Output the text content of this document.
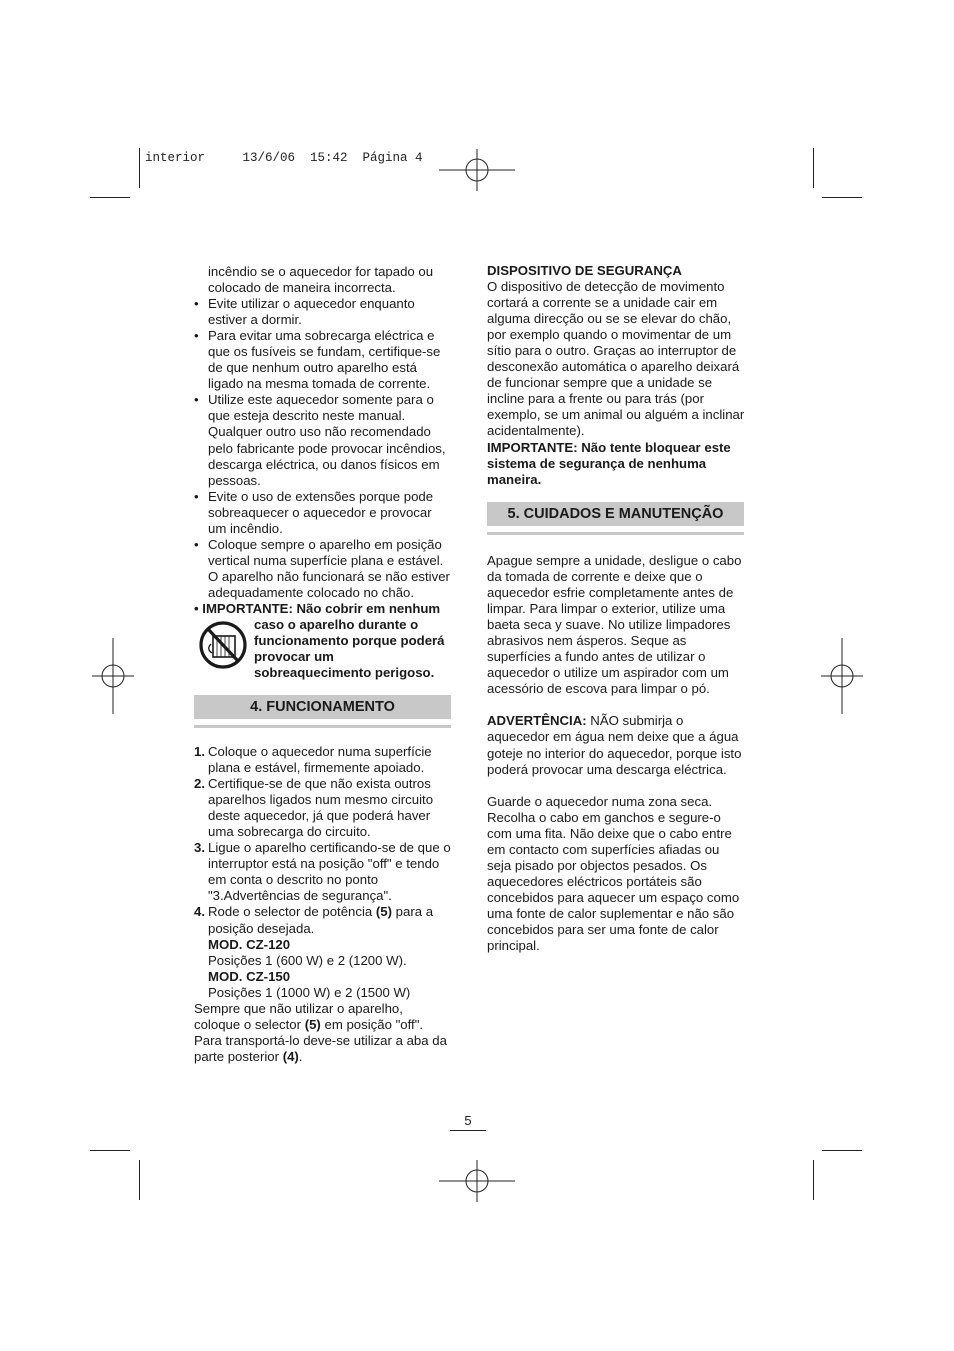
interior     13/6/06  15:42  Página 4

incêndio se o aquecedor for tapado ou

colocado de maneira incorrecta.

• Evite utilizar o aquecedor enquanto

estiver a dormir.

• Para evitar uma sobrecarga eléctrica e

que os fusíveis se fundam, certifique-se

de que nenhum outro aparelho está

ligado na mesma tomada de corrente.

• Utilize este aquecedor somente para o

que esteja descrito neste manual.

Qualquer outro uso não recomendado

pelo fabricante pode provocar incêndios,

descarga eléctrica, ou danos físicos em

pessoas.

• Evite o uso de extensões porque pode

sobreaquecer o aquecedor e provocar

um incêndio.

• Coloque sempre o aparelho em posição

vertical numa superfície plana e estável.

O aparelho não funcionará se não estiver

adequadamente colocado no chão.

• IMPORTANTE: Não cobrir em nenhum

caso o aparelho durante o

funcionamento porque poderá

provocar um

sobreaquecimento perigoso.

4. FUNCIONAMENTO
1. Coloque o aquecedor numa superfície

plana e estável, firmemente apoiado.

2. Certifique-se de que não exista outros

aparelhos ligados num mesmo circuito

deste aquecedor, já que poderá haver

uma sobrecarga do circuito.

3. Ligue o aparelho certificando-se de que o

interruptor está na posição "off" e tendo

em conta o descrito no ponto

"3.Advertências de segurança".

4. Rode o selector de potência (5) para a

posição desejada.

MOD. CZ-120

Posições 1 (600 W) e 2 (1200 W).

MOD. CZ-150

Posições 1 (1000 W) e 2 (1500 W)

Sempre que não utilizar o aparelho,

coloque o selector (5) em posição "off".

Para transportá-lo deve-se utilizar a aba da

parte posterior (4).

DISPOSITIVO DE SEGURANÇA

O dispositivo de detecção de movimento

cortará a corrente se a unidade cair em

alguma direcção ou se se elevar do chão,

por exemplo quando o movimentar de um

sítio para o outro. Graças ao interruptor de

desconexão automática o aparelho deixará

de funcionar sempre que a unidade se

incline para a frente ou para trás (por

exemplo, se um animal ou alguém a inclinar

acidentalmente).

IMPORTANTE: Não tente bloquear este

sistema de segurança de nenhuma

maneira.

5. CUIDADOS E MANUTENÇÃO

Apague sempre a unidade, desligue o cabo

da tomada de corrente e deixe que o

aquecedor esfrie completamente antes de

limpar. Para limpar o exterior, utilize uma

baeta seca y suave. No utilize limpadores

abrasivos nem ásperos. Seque as

superfícies a fundo antes de utilizar o

aquecedor o utilize um aspirador com um

acessório de escova para limpar o pó.

ADVERTÊNCIA: NÃO submirja o

aquecedor em água nem deixe que a água

goteje no interior do aquecedor, porque isto

poderá provocar uma descarga eléctrica.

Guarde o aquecedor numa zona seca.

Recolha o cabo em ganchos e segure-o

com uma fita. Não deixe que o cabo entre

em contacto com superfícies afiadas ou

seja pisado por objectos pesados. Os

aquecedores eléctricos portáteis são

concebidos para aquecer um espaço como

uma fonte de calor suplementar e não são

concebidos para ser uma fonte de calor

principal.

5
